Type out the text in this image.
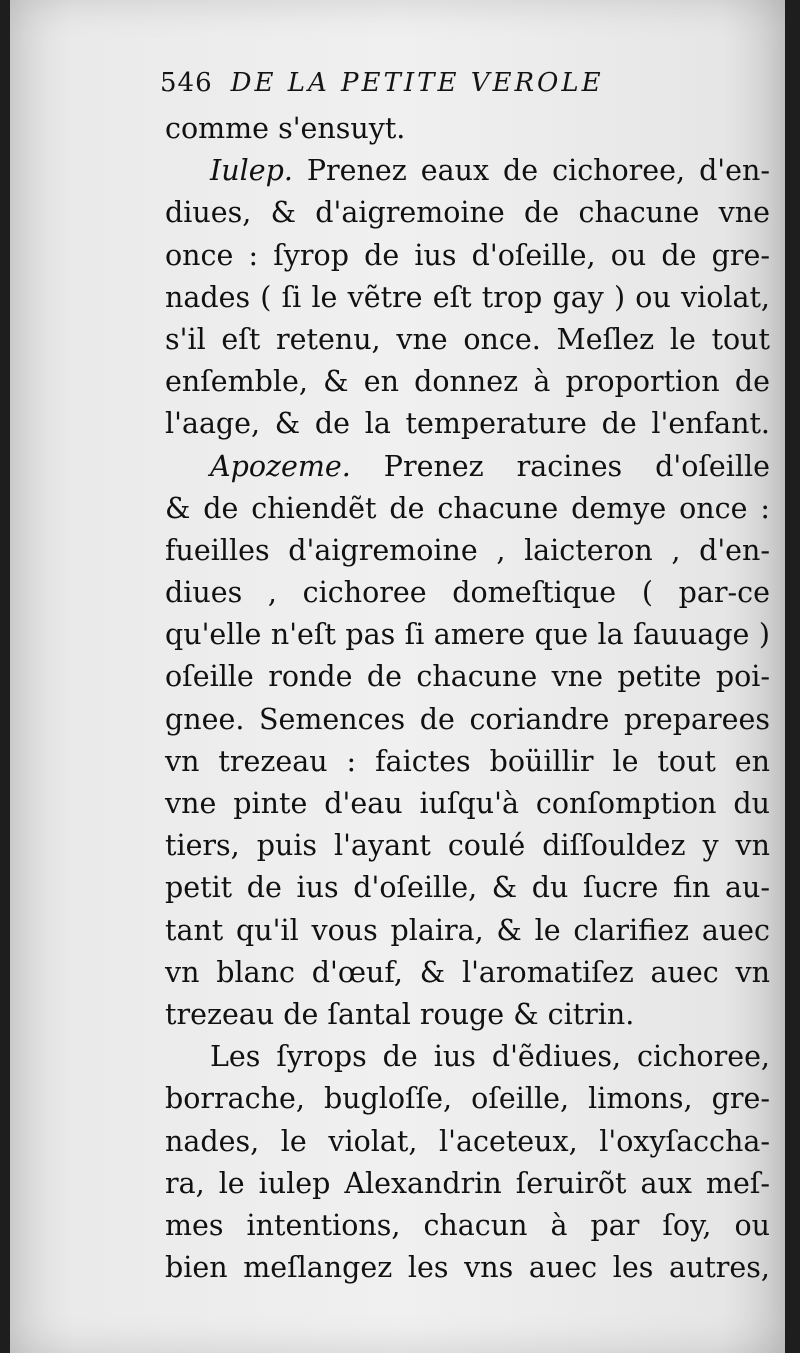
546 DE LA PETITE VEROLE
comme s'ensuyt.
Iulep. Prenez eaux de cichoree, d'en-
diues, & d'aigremoine de chacune vne
once : ſyrop de ius d'oſeille, ou de gre-
nades ( ſi le vẽtre eſt trop gay ) ou violat,
s'il eſt retenu, vne once. Meſlez le tout
enſemble, & en donnez à proportion de
l'aage, & de la temperature de l'enfant.
Apozeme. Prenez racines d'oſeille
& de chiendẽt de chacune demye once :
fueilles d'aigremoine , laicteron , d'en-
diues , cichoree domeſtique ( par-ce
qu'elle n'eſt pas ſi amere que la ſauuage )
oſeille ronde de chacune vne petite poi-
gnee. Semences de coriandre preparees
vn trezeau : faictes boüillir le tout en
vne pinte d'eau iuſqu'à conſomption du
tiers, puis l'ayant coulé diſſouldez y vn
petit de ius d'oſeille, & du ſucre fin au-
tant qu'il vous plaira, & le clarifiez auec
vn blanc d'œuf, & l'aromatiſez auec vn
trezeau de ſantal rouge & citrin.
Les ſyrops de ius d'ẽdiues, cichoree,
borrache, bugloſſe, oſeille, limons, gre-
nades, le violat, l'aceteux, l'oxyſaccha-
ra, le iulep Alexandrin ſeruirõt aux meſ-
mes intentions, chacun à par ſoy, ou
bien meſlangez les vns auec les autres,
